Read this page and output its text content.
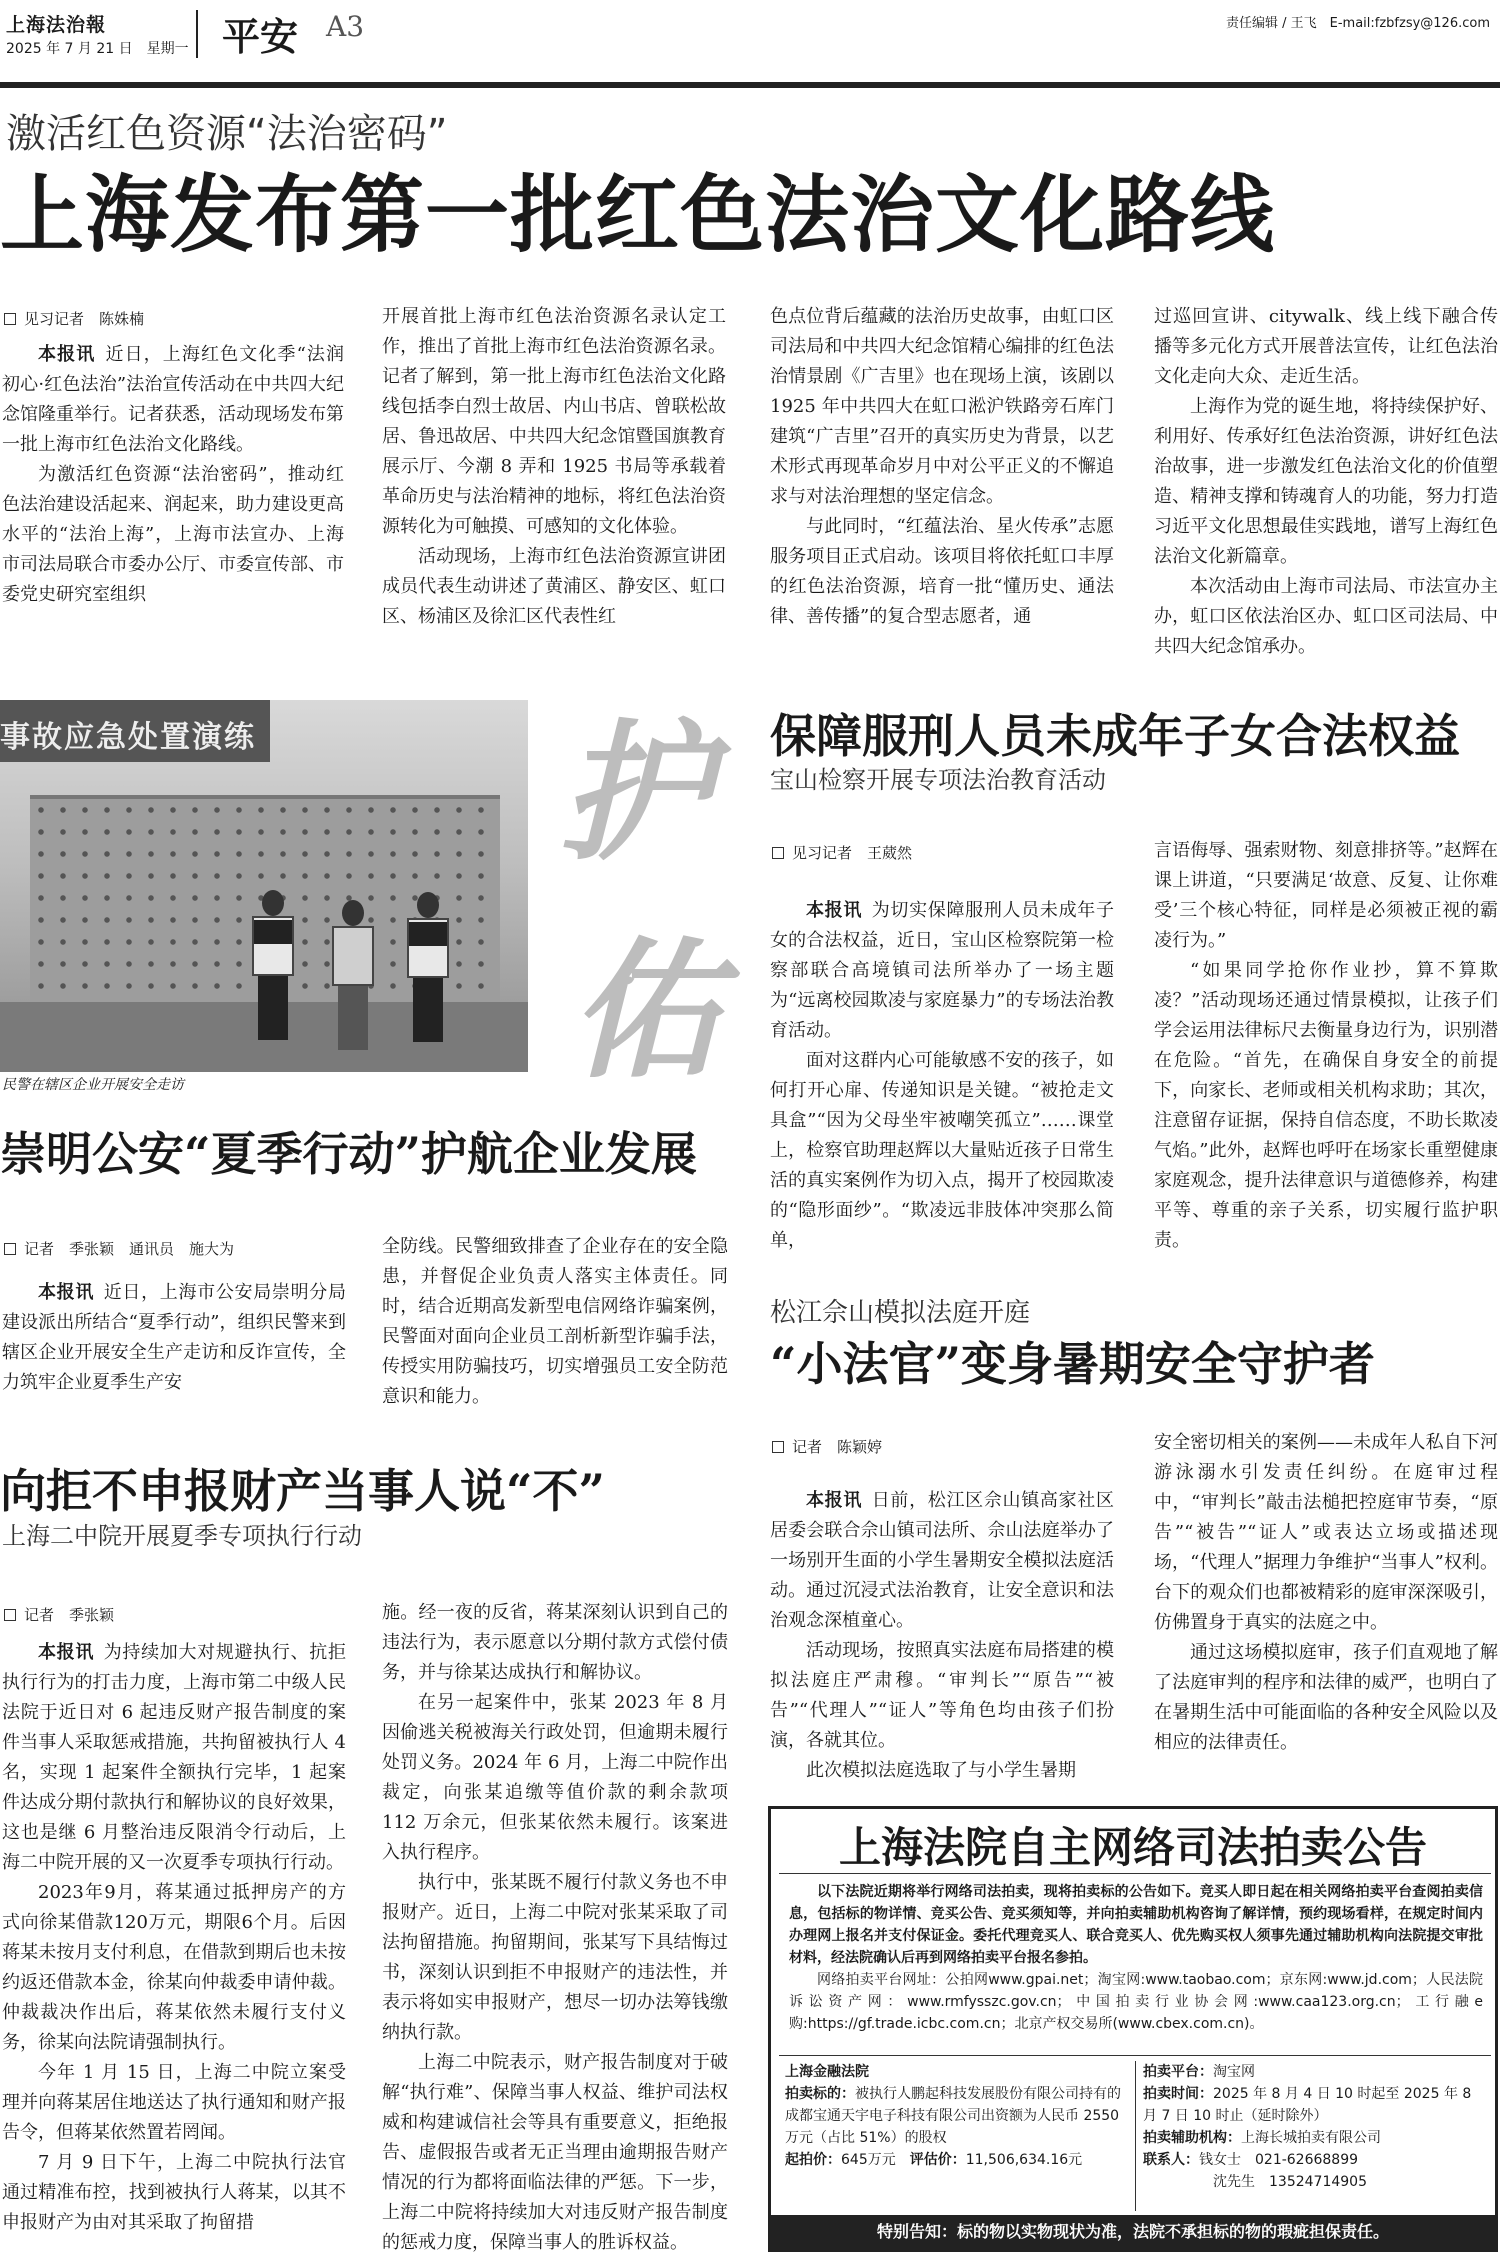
上海法治報
2025 年 7 月 21 日　星期一 平安 A3	责任编辑 / 王飞　E-mail:fzbfzsy@126.com
激活红色资源“法治密码”
上海发布第一批红色法治文化路线
见习记者　陈姝楠

本报讯  近日，上海红色文化季“法润初心·红色法治”法治宣传活动在中共四大纪念馆隆重举行。记者获悉，活动现场发布第一批上海市红色法治文化路线。

为激活红色资源“法治密码”，推动红色法治建设活起来、润起来，助力建设更高水平的“法治上海”，上海市法宣办、上海市司法局联合市委办公厅、市委宣传部、市委党史研究室组织

开展首批上海市红色法治资源名录认定工作，推出了首批上海市红色法治资源名录。记者了解到，第一批上海市红色法治文化路线包括李白烈士故居、内山书店、曾联松故居、鲁迅故居、中共四大纪念馆暨国旗教育展示厅、今潮 8 弄和 1925 书局等承载着革命历史与法治精神的地标，将红色法治资源转化为可触摸、可感知的文化体验。

活动现场，上海市红色法治资源宣讲团成员代表生动讲述了黄浦区、静安区、虹口区、杨浦区及徐汇区代表性红

色点位背后蕴藏的法治历史故事，由虹口区司法局和中共四大纪念馆精心编排的红色法治情景剧《广吉里》也在现场上演，该剧以 1925 年中共四大在虹口淞沪铁路旁石库门建筑“广吉里”召开的真实历史为背景，以艺术形式再现革命岁月中对公平正义的不懈追求与对法治理想的坚定信念。

与此同时，“红蕴法治、星火传承”志愿服务项目正式启动。该项目将依托虹口丰厚的红色法治资源，培育一批“懂历史、通法律、善传播”的复合型志愿者，通

过巡回宣讲、citywalk、线上线下融合传播等多元化方式开展普法宣传，让红色法治文化走向大众、走近生活。

上海作为党的诞生地，将持续保护好、利用好、传承好红色法治资源，讲好红色法治故事，进一步激发红色法治文化的价值塑造、精神支撑和铸魂育人的功能，努力打造习近平文化思想最佳实践地，谱写上海红色法治文化新篇章。

本次活动由上海市司法局、市法宣办主办，虹口区依法治区办、虹口区司法局、中共四大纪念馆承办。

事故应急处置演练
民警在辖区企业开展安全走访
护
佑
崇明公安“夏季行动”护航企业发展
记者　季张颖　通讯员　施大为

本报讯  近日，上海市公安局崇明分局建设派出所结合“夏季行动”，组织民警来到辖区企业开展安全生产走访和反诈宣传，全力筑牢企业夏季生产安

全防线。民警细致排查了企业存在的安全隐患，并督促企业负责人落实主体责任。同时，结合近期高发新型电信网络诈骗案例，民警面对面向企业员工剖析新型诈骗手法，传授实用防骗技巧，切实增强员工安全防范意识和能力。

保障服刑人员未成年子女合法权益
宝山检察开展专项法治教育活动
见习记者　王葳然

本报讯  为切实保障服刑人员未成年子女的合法权益，近日，宝山区检察院第一检察部联合高境镇司法所举办了一场主题为“远离校园欺凌与家庭暴力”的专场法治教育活动。

面对这群内心可能敏感不安的孩子，如何打开心扉、传递知识是关键。“被抢走文具盒”“因为父母坐牢被嘲笑孤立”……课堂上，检察官助理赵辉以大量贴近孩子日常生活的真实案例作为切入点，揭开了校园欺凌的“隐形面纱”。“欺凌远非肢体冲突那么简单，

言语侮辱、强索财物、刻意排挤等。”赵辉在课上讲道，“只要满足‘故意、反复、让你难受’三个核心特征，同样是必须被正视的霸凌行为。”

“如果同学抢你作业抄，算不算欺凌？”活动现场还通过情景模拟，让孩子们学会运用法律标尺去衡量身边行为，识别潜在危险。“首先，在确保自身安全的前提下，向家长、老师或相关机构求助；其次，注意留存证据，保持自信态度，不助长欺凌气焰。”此外，赵辉也呼吁在场家长重塑健康家庭观念，提升法律意识与道德修养，构建平等、尊重的亲子关系，切实履行监护职责。

向拒不申报财产当事人说“不”
上海二中院开展夏季专项执行行动
记者　季张颖

本报讯  为持续加大对规避执行、抗拒执行行为的打击力度，上海市第二中级人民法院于近日对 6 起违反财产报告制度的案件当事人采取惩戒措施，共拘留被执行人 4 名，实现 1 起案件全额执行完毕，1 起案件达成分期付款执行和解协议的良好效果，这也是继 6 月整治违反限消令行动后，上海二中院开展的又一次夏季专项执行行动。

2023年9月，蒋某通过抵押房产的方式向徐某借款120万元，期限6个月。后因蒋某未按月支付利息，在借款到期后也未按约返还借款本金，徐某向仲裁委申请仲裁。仲裁裁决作出后，蒋某依然未履行支付义务，徐某向法院请强制执行。

今年 1 月 15 日，上海二中院立案受理并向蒋某居住地送达了执行通知和财产报告令，但蒋某依然置若罔闻。

7 月 9 日下午，上海二中院执行法官通过精准布控，找到被执行人蒋某，以其不申报财产为由对其采取了拘留措

施。经一夜的反省，蒋某深刻认识到自己的违法行为，表示愿意以分期付款方式偿付债务，并与徐某达成执行和解协议。

在另一起案件中，张某 2023 年 8 月因偷逃关税被海关行政处罚，但逾期未履行处罚义务。2024 年 6 月，上海二中院作出裁定，向张某追缴等值价款的剩余款项 112 万余元，但张某依然未履行。该案进入执行程序。

执行中，张某既不履行付款义务也不申报财产。近日，上海二中院对张某采取了司法拘留措施。拘留期间，张某写下具结悔过书，深刻认识到拒不申报财产的违法性，并表示将如实申报财产，想尽一切办法筹钱缴纳执行款。

上海二中院表示，财产报告制度对于破解“执行难”、保障当事人权益、维护司法权威和构建诚信社会等具有重要意义，拒绝报告、虚假报告或者无正当理由逾期报告财产情况的行为都将面临法律的严惩。下一步，上海二中院将持续加大对违反财产报告制度的惩戒力度，保障当事人的胜诉权益。

松江佘山模拟法庭开庭
“小法官”变身暑期安全守护者
记者　陈颖婷

本报讯  日前，松江区佘山镇高家社区居委会联合佘山镇司法所、佘山法庭举办了一场别开生面的小学生暑期安全模拟法庭活动。通过沉浸式法治教育，让安全意识和法治观念深植童心。

活动现场，按照真实法庭布局搭建的模拟法庭庄严肃穆。“审判长”“原告”“被告”“代理人”“证人”等角色均由孩子们扮演，各就其位。

此次模拟法庭选取了与小学生暑期

安全密切相关的案例——未成年人私自下河游泳溺水引发责任纠纷。在庭审过程中，“审判长”敲击法槌把控庭审节奏，“原告”“被告”“证人”或表达立场或描述现场，“代理人”据理力争维护“当事人”权利。台下的观众们也都被精彩的庭审深深吸引，仿佛置身于真实的法庭之中。

通过这场模拟庭审，孩子们直观地了解了法庭审判的程序和法律的威严，也明白了在暑期生活中可能面临的各种安全风险以及相应的法律责任。

上海法院自主网络司法拍卖公告

以下法院近期将举行网络司法拍卖，现将拍卖标的公告如下。竞买人即日起在相关网络拍卖平台查阅拍卖信息，包括标的物详情、竞买公告、竞买须知等，并向拍卖辅助机构咨询了解详情，预约现场看样，在规定时间内办理网上报名并支付保证金。委托代理竞买人、联合竞买人、优先购买权人须事先通过辅助机构向法院提交审批材料，经法院确认后再到网络拍卖平台报名参拍。

网络拍卖平台网址：公拍网www.gpai.net；淘宝网:www.taobao.com；京东网:www.jd.com；人民法院诉讼资产网：www.rmfysszc.gov.cn；中国拍卖行业协会网:www.caa123.org.cn；工行融e购:https://gf.trade.icbc.com.cn；北京产权交易所(www.cbex.com.cn)。

上海金融法院
拍卖标的：被执行人鹏起科技发展股份有限公司持有的成都宝通天宇电子科技有限公司出资额为人民币 2550 万元（占比 51%）的股权
起拍价：645万元　 评估价：11,506,634.16元
拍卖平台：淘宝网
拍卖时间：2025 年 8 月 4 日 10 时起至 2025 年 8 月 7 日 10 时止（延时除外）
拍卖辅助机构：上海长城拍卖有限公司
联系人：钱女士　021-62668899
沈先生　13524714905
特别告知：标的物以实物现状为准，法院不承担标的物的瑕疵担保责任。
